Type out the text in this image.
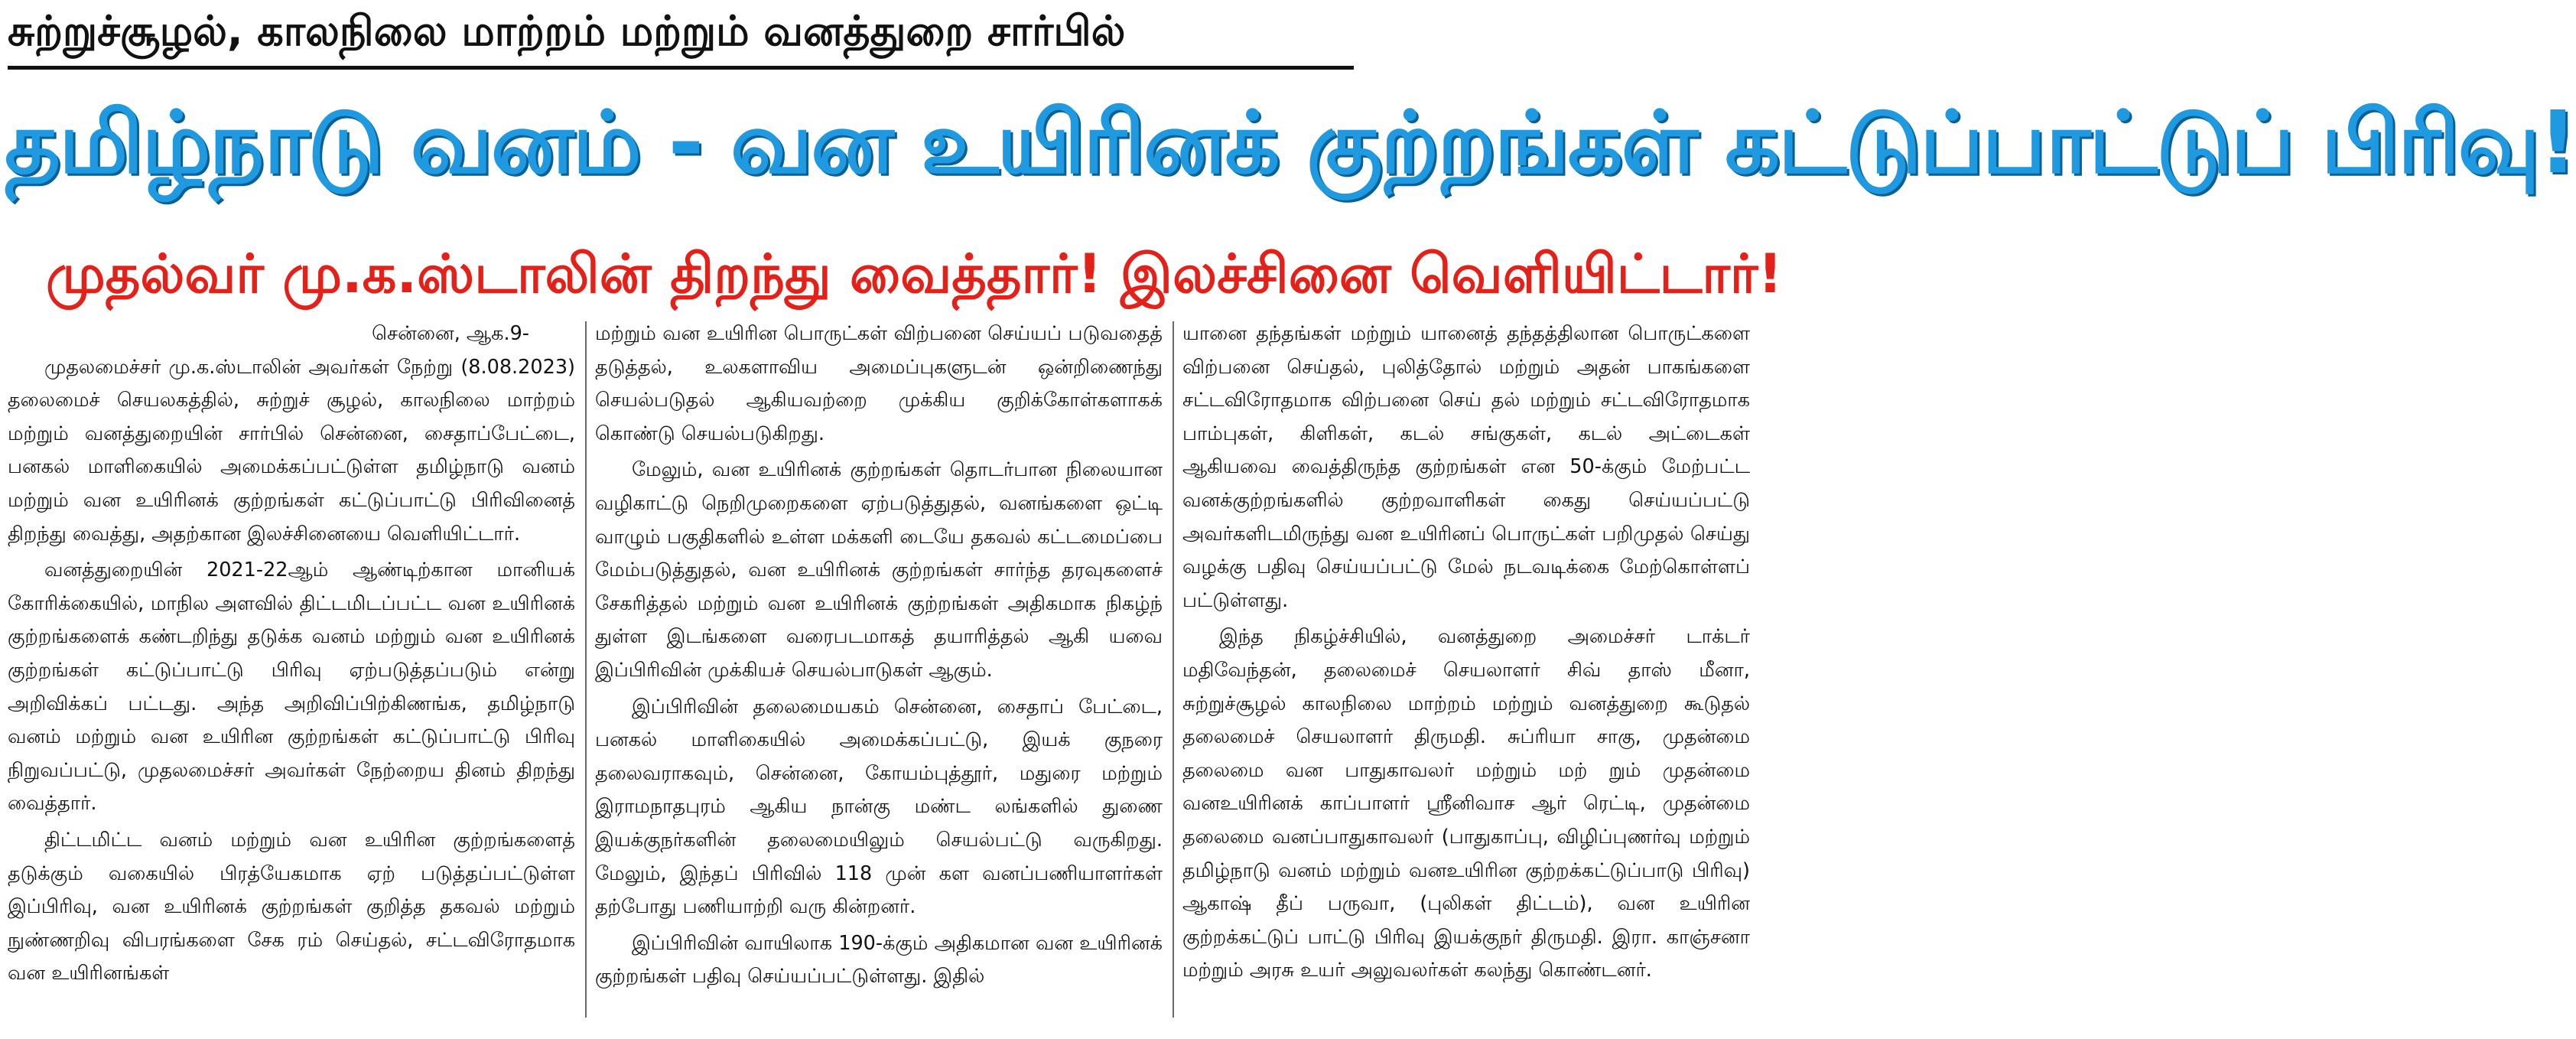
சுற்றுச்சூழல், காலநிலை மாற்றம் மற்றும் வனத்துறை சார்பில்
தமிழ்நாடு வனம் - வன உயிரினக் குற்றங்கள் கட்டுப்பாட்டுப் பிரிவு!
முதல்வர் மு.க.ஸ்டாலின் திறந்து வைத்தார்! இலச்சினை வெளியிட்டார்!
சென்னை, ஆக.9-

முதலமைச்சர் மு.க.ஸ்டாலின் அவர்கள் நேற்று (8.08.2023) தலைமைச் செயலகத்தில், சுற்றுச் சூழல், காலநிலை மாற்றம் மற்றும் வனத்துறையின் சார்பில் சென்னை, சைதாப்பேட்டை, பனகல் மாளிகையில் அமைக்கப்பட்டுள்ள தமிழ்நாடு வனம் மற்றும் வன உயிரினக் குற்றங்கள் கட்டுப்பாட்டு பிரிவினைத் திறந்து வைத்து, அதற்கான இலச்சினையை வெளியிட்டார்.

வனத்துறையின் 2021-22ஆம் ஆண்டிற்கான மானியக் கோரிக்கையில், மாநில அளவில் திட்டமிடப்பட்ட வன உயிரினக் குற்றங்களைக் கண்டறிந்து தடுக்க வனம் மற்றும் வன உயிரினக் குற்றங்கள் கட்டுப்பாட்டு பிரிவு ஏற்படுத்தப்படும் என்று அறிவிக்கப் பட்டது. அந்த அறிவிப்பிற்கிணங்க, தமிழ்நாடு வனம் மற்றும் வன உயிரின குற்றங்கள் கட்டுப்பாட்டு பிரிவு நிறுவப்பட்டு, முதலமைச்சர் அவர்கள் நேற்றைய தினம் திறந்து வைத்தார்.

திட்டமிட்ட வனம் மற்றும் வன உயிரின குற்றங்களைத் தடுக்கும் வகையில் பிரத்யேகமாக ஏற் படுத்தப்பட்டுள்ள இப்பிரிவு, வன உயிரினக் குற்றங்கள் குறித்த தகவல் மற்றும் நுண்ணறிவு விபரங்களை சேக ரம் செய்தல், சட்டவிரோதமாக வன உயிரினங்கள்

மற்றும் வன உயிரின பொருட்கள் விற்பனை செய்யப் படுவதைத் தடுத்தல், உலகளாவிய அமைப்புகளுடன் ஒன்றிணைந்து செயல்படுதல் ஆகியவற்றை முக்கிய குறிக்கோள்களாகக் கொண்டு செயல்படுகிறது.

மேலும், வன உயிரினக் குற்றங்கள் தொடர்பான நிலையான வழிகாட்டு நெறிமுறைகளை ஏற்படுத்துதல், வனங்களை ஒட்டி வாழும் பகுதிகளில் உள்ள மக்களி டையே தகவல் கட்டமைப்பை மேம்படுத்துதல், வன உயிரினக் குற்றங்கள் சார்ந்த தரவுகளைச் சேகரித்தல் மற்றும் வன உயிரினக் குற்றங்கள் அதிகமாக நிகழ்ந் துள்ள இடங்களை வரைபடமாகத் தயாரித்தல் ஆகி யவை இப்பிரிவின் முக்கியச் செயல்பாடுகள் ஆகும்.

இப்பிரிவின் தலைமையகம் சென்னை, சைதாப் பேட்டை, பனகல் மாளிகையில் அமைக்கப்பட்டு, இயக் குநரை தலைவராகவும், சென்னை, கோயம்புத்தூர், மதுரை மற்றும் இராமநாதபுரம் ஆகிய நான்கு மண்ட லங்களில் துணை இயக்குநர்களின் தலைமையிலும் செயல்பட்டு வருகிறது. மேலும், இந்தப் பிரிவில் 118 முன் கள வனப்பணியாளர்கள் தற்போது பணியாற்றி வரு கின்றனர்.

இப்பிரிவின் வாயிலாக 190-க்கும் அதிகமான வன உயிரினக் குற்றங்கள் பதிவு செய்யப்பட்டுள்ளது. இதில்

யானை தந்தங்கள் மற்றும் யானைத் தந்தத்திலான பொருட்களை விற்பனை செய்தல், புலித்தோல் மற்றும் அதன் பாகங்களை சட்டவிரோதமாக விற்பனை செய் தல் மற்றும் சட்டவிரோதமாக பாம்புகள், கிளிகள், கடல் சங்குகள், கடல் அட்டைகள் ஆகியவை வைத்திருந்த குற்றங்கள் என 50-க்கும் மேற்பட்ட வனக்குற்றங்களில் குற்றவாளிகள் கைது செய்யப்பட்டு அவர்களிடமிருந்து வன உயிரினப் பொருட்கள் பறிமுதல் செய்து வழக்கு பதிவு செய்யப்பட்டு மேல் நடவடிக்கை மேற்கொள்ளப் பட்டுள்ளது.

இந்த நிகழ்ச்சியில், வனத்துறை அமைச்சர் டாக்டர் மதிவேந்தன், தலைமைச் செயலாளர் சிவ் தாஸ் மீனா, சுற்றுச்சூழல் காலநிலை மாற்றம் மற்றும் வனத்துறை கூடுதல் தலைமைச் செயலாளர் திருமதி. சுப்ரியா சாகு, முதன்மை தலைமை வன பாதுகாவலர் மற்றும் மற் றும் முதன்மை வனஉயிரினக் காப்பாளர் ஸ்ரீனிவாச ஆர் ரெட்டி, முதன்மை தலைமை வனப்பாதுகாவலர் (பாதுகாப்பு, விழிப்புணர்வு மற்றும் தமிழ்நாடு வனம் மற்றும் வனஉயிரின குற்றக்கட்டுப்பாடு பிரிவு) ஆகாஷ் தீப் பருவா, (புலிகள் திட்டம்), வன உயிரின குற்றக்கட்டுப் பாட்டு பிரிவு இயக்குநர் திருமதி. இரா. காஞ்சனா மற்றும் அரசு உயர் அலுவலர்கள் கலந்து கொண்டனர்.
